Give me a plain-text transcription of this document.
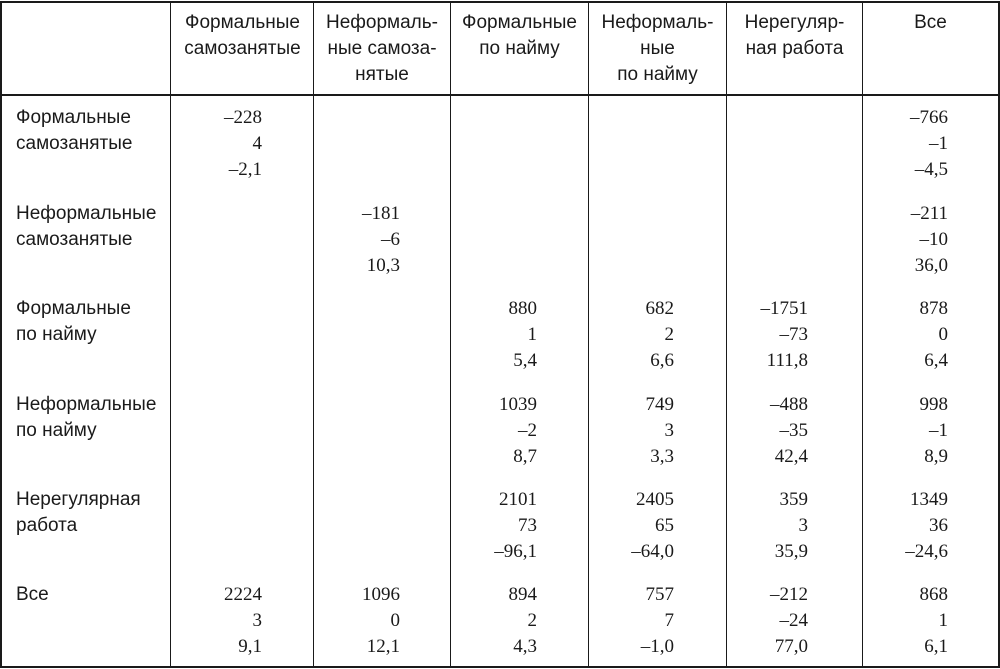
Формальные
самозанятые
Неформаль-
ные самоза-
нятые
Формальные
по найму
Неформаль-
ные
по найму
Нерегуляр-
ная работа
Все
Формальные
самозанятые
–228
4
–2,1
–766
–1
–4,5
Неформальные
самозанятые
–181
–6
10,3
–211
–10
36,0
Формальные
по найму
880
1
5,4
682
2
6,6
–1751
–73
111,8
878
0
6,4
Неформальные
по найму
1039
–2
8,7
749
3
3,3
–488
–35
42,4
998
–1
8,9
Нерегулярная
работа
2101
73
–96,1
2405
65
–64,0
359
3
35,9
1349
36
–24,6
Все	2224
3
9,1
1096
0
12,1
894
2
4,3
757
7
–1,0
–212
–24
77,0
868
1
6,1
